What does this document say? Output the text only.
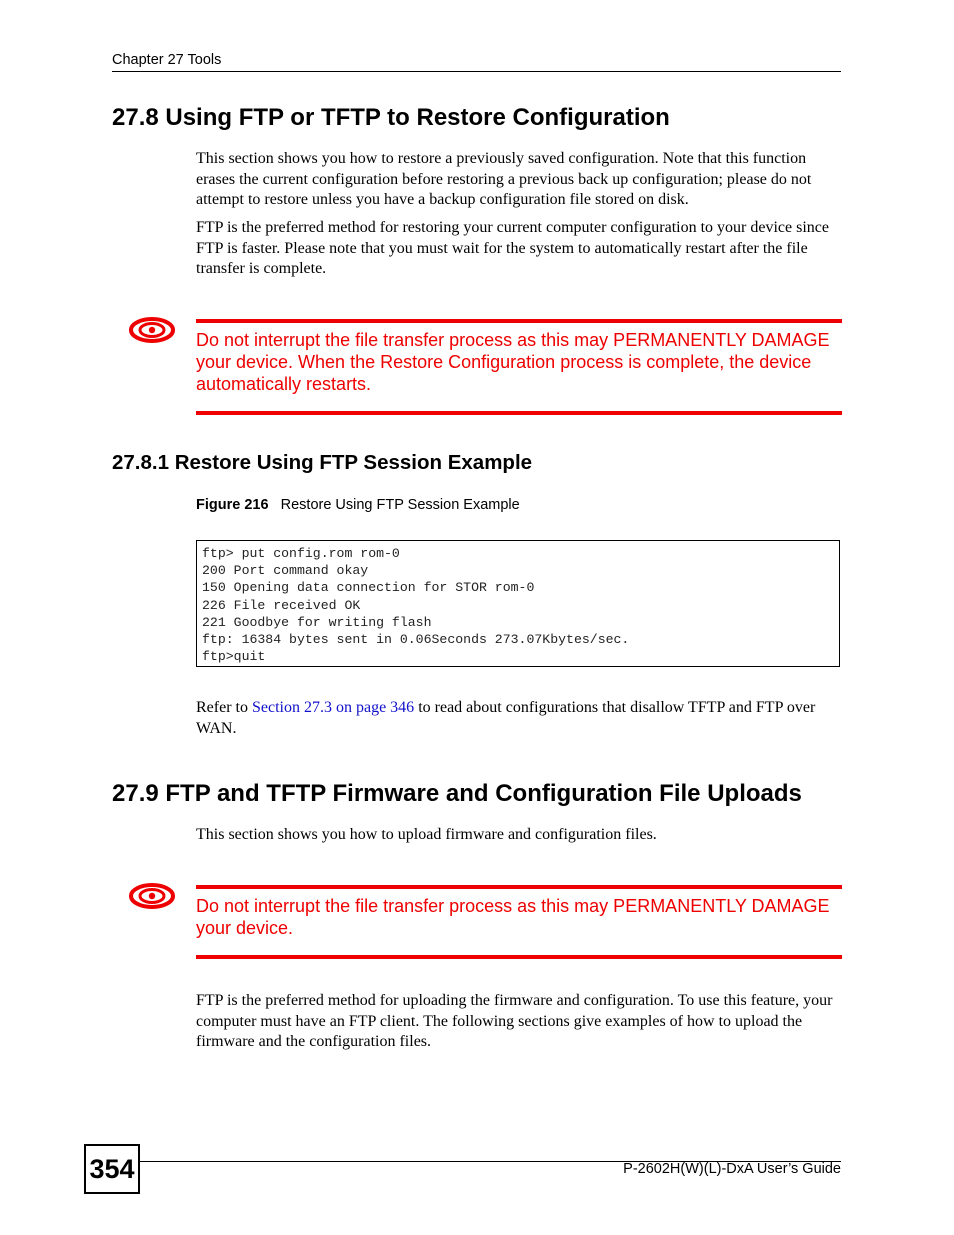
Chapter 27 Tools
27.8 Using FTP or TFTP to Restore Configuration

This section shows you how to restore a previously saved configuration. Note that this function erases the current configuration before restoring a previous back up configuration; please do not attempt to restore unless you have a backup configuration file stored on disk.

FTP is the preferred method for restoring your current computer configuration to your device since FTP is faster. Please note that you must wait for the system to automatically restart after the file transfer is complete.

Do not interrupt the file transfer process as this may PERMANENTLY DAMAGE your device. When the Restore Configuration process is complete, the device automatically restarts.

27.8.1 Restore Using FTP Session Example
Figure 216 Restore Using FTP Session Example
ftp> put config.rom rom-0
200 Port command okay
150 Opening data connection for STOR rom-0
226 File received OK
221 Goodbye for writing flash
ftp: 16384 bytes sent in 0.06Seconds 273.07Kbytes/sec.
ftp>quit

Refer to Section 27.3 on page 346 to read about configurations that disallow TFTP and FTP over WAN.

27.9 FTP and TFTP Firmware and Configuration File Uploads

This section shows you how to upload firmware and configuration files.

Do not interrupt the file transfer process as this may PERMANENTLY DAMAGE your device.

FTP is the preferred method for uploading the firmware and configuration. To use this feature, your computer must have an FTP client. The following sections give examples of how to upload the firmware and the configuration files.

354	P-2602H(W)(L)-DxA User’s Guide
